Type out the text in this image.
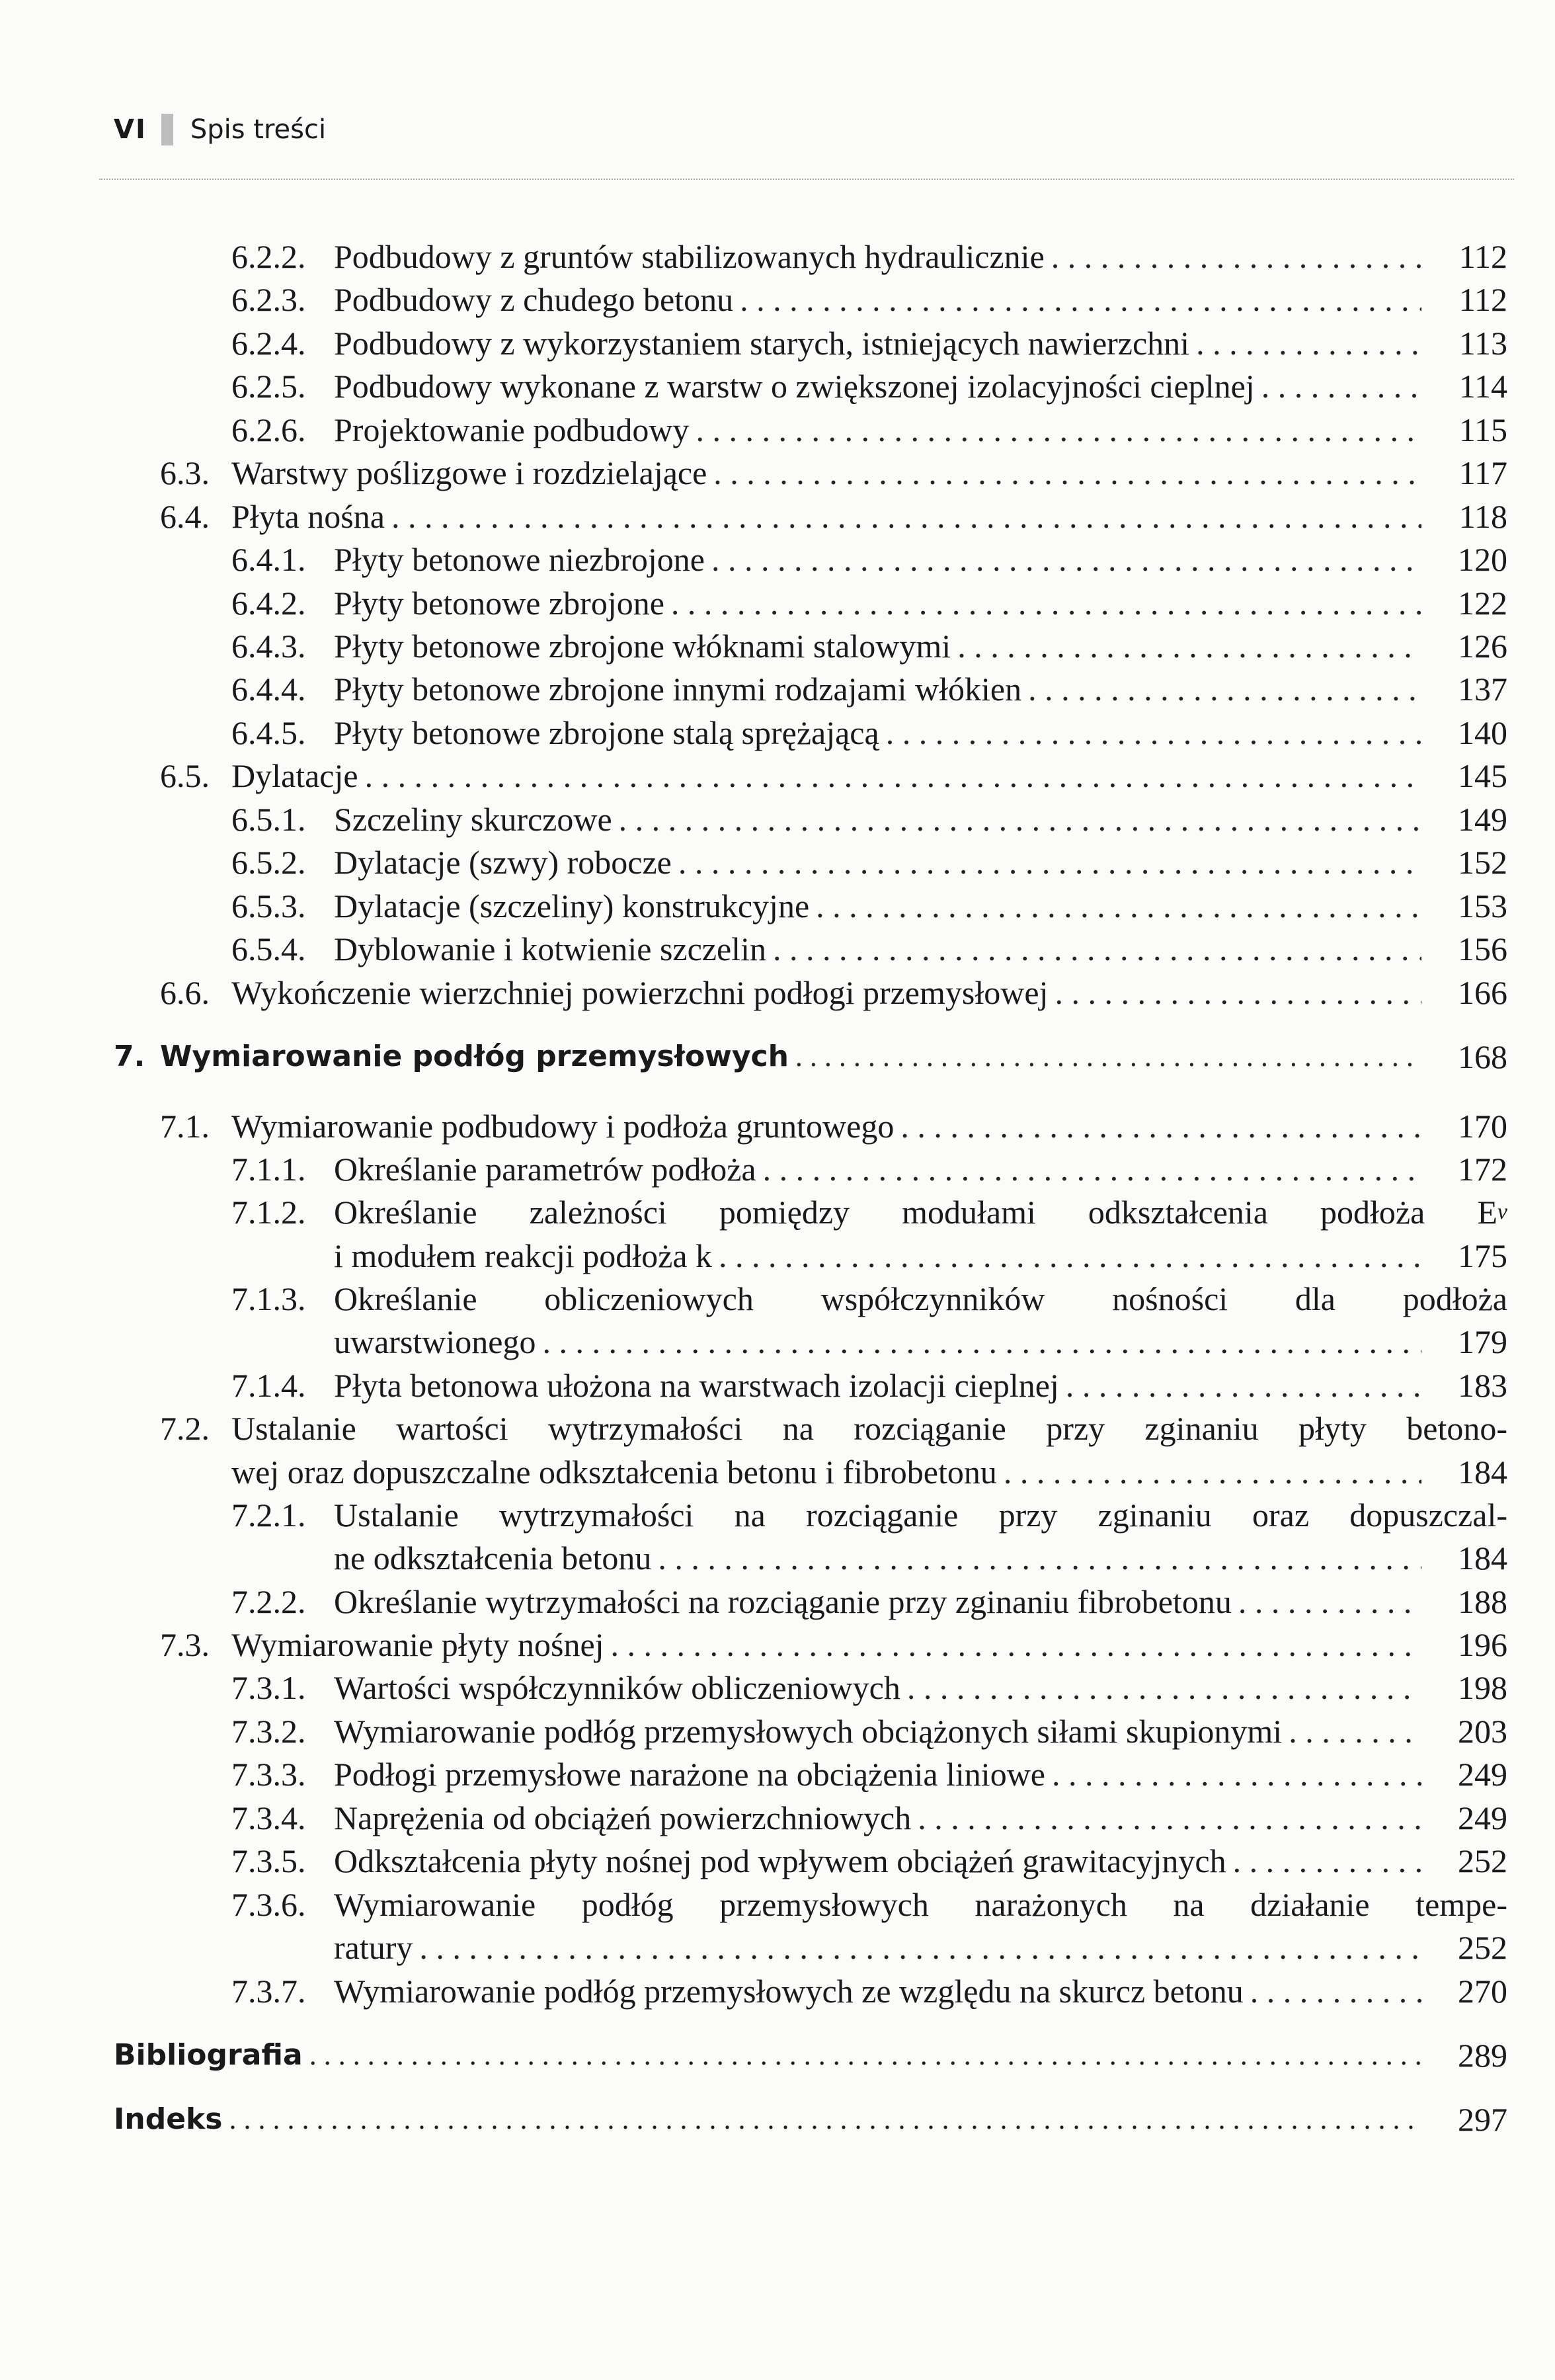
VI Spis treści
6.2.2. Podbudowy z gruntów stabilizowanych hydraulicznie . . .	112
6.2.3. Podbudowy z chudego betonu . . .	112
6.2.4. Podbudowy z wykorzystaniem starych, istniejących nawierzchni . . .	113
6.2.5. Podbudowy wykonane z warstw o zwiększonej izolacyjności cieplnej . . .	114
6.2.6. Projektowanie podbudowy . . .	115
6.3. Warstwy poślizgowe i rozdzielające . . .	117
6.4. Płyta nośna . . .	118
6.4.1. Płyty betonowe niezbrojone . . .	120
6.4.2. Płyty betonowe zbrojone . . .	122
6.4.3. Płyty betonowe zbrojone włóknami stalowymi . . .	126
6.4.4. Płyty betonowe zbrojone innymi rodzajami włókien . . .	137
6.4.5. Płyty betonowe zbrojone stalą sprężającą . . .	140
6.5. Dylatacje . . .	145
6.5.1. Szczeliny skurczowe . . .	149
6.5.2. Dylatacje (szwy) robocze . . .	152
6.5.3. Dylatacje (szczeliny) konstrukcyjne . . .	153
6.5.4. Dyblowanie i kotwienie szczelin . . .	156
6.6. Wykończenie wierzchniej powierzchni podłogi przemysłowej . . .	166
7. Wymiarowanie podłóg przemysłowych . . .	168
7.1. Wymiarowanie podbudowy i podłoża gruntowego . . .	170
7.1.1. Określanie parametrów podłoża . . .	172
7.1.2. Określanie zależności pomiędzy modułami odkształcenia podłoża E v
i modułem reakcji podłoża k . . .	175
7.1.3. Określanie obliczeniowych współczynników nośności dla podłoża
uwarstwionego . . .	179
7.1.4. Płyta betonowa ułożona na warstwach izolacji cieplnej . . .	183
7.2. Ustalanie wartości wytrzymałości na rozciąganie przy zginaniu płyty betono-
wej oraz dopuszczalne odkształcenia betonu i fibrobetonu . . .	184
7.2.1. Ustalanie wytrzymałości na rozciąganie przy zginaniu oraz dopuszczal-
ne odkształcenia betonu . . .	184
7.2.2. Określanie wytrzymałości na rozciąganie przy zginaniu fibrobetonu . . .	188
7.3. Wymiarowanie płyty nośnej . . .	196
7.3.1. Wartości współczynników obliczeniowych . . .	198
7.3.2. Wymiarowanie podłóg przemysłowych obciążonych siłami skupionymi . . .	203
7.3.3. Podłogi przemysłowe narażone na obciążenia liniowe . . .	249
7.3.4. Naprężenia od obciążeń powierzchniowych . . .	249
7.3.5. Odkształcenia płyty nośnej pod wpływem obciążeń grawitacyjnych . . .	252
7.3.6. Wymiarowanie podłóg przemysłowych narażonych na działanie tempe-
ratury . . .	252
7.3.7. Wymiarowanie podłóg przemysłowych ze względu na skurcz betonu . . .	270
Bibliografia . . .	289
Indeks . . .	297
